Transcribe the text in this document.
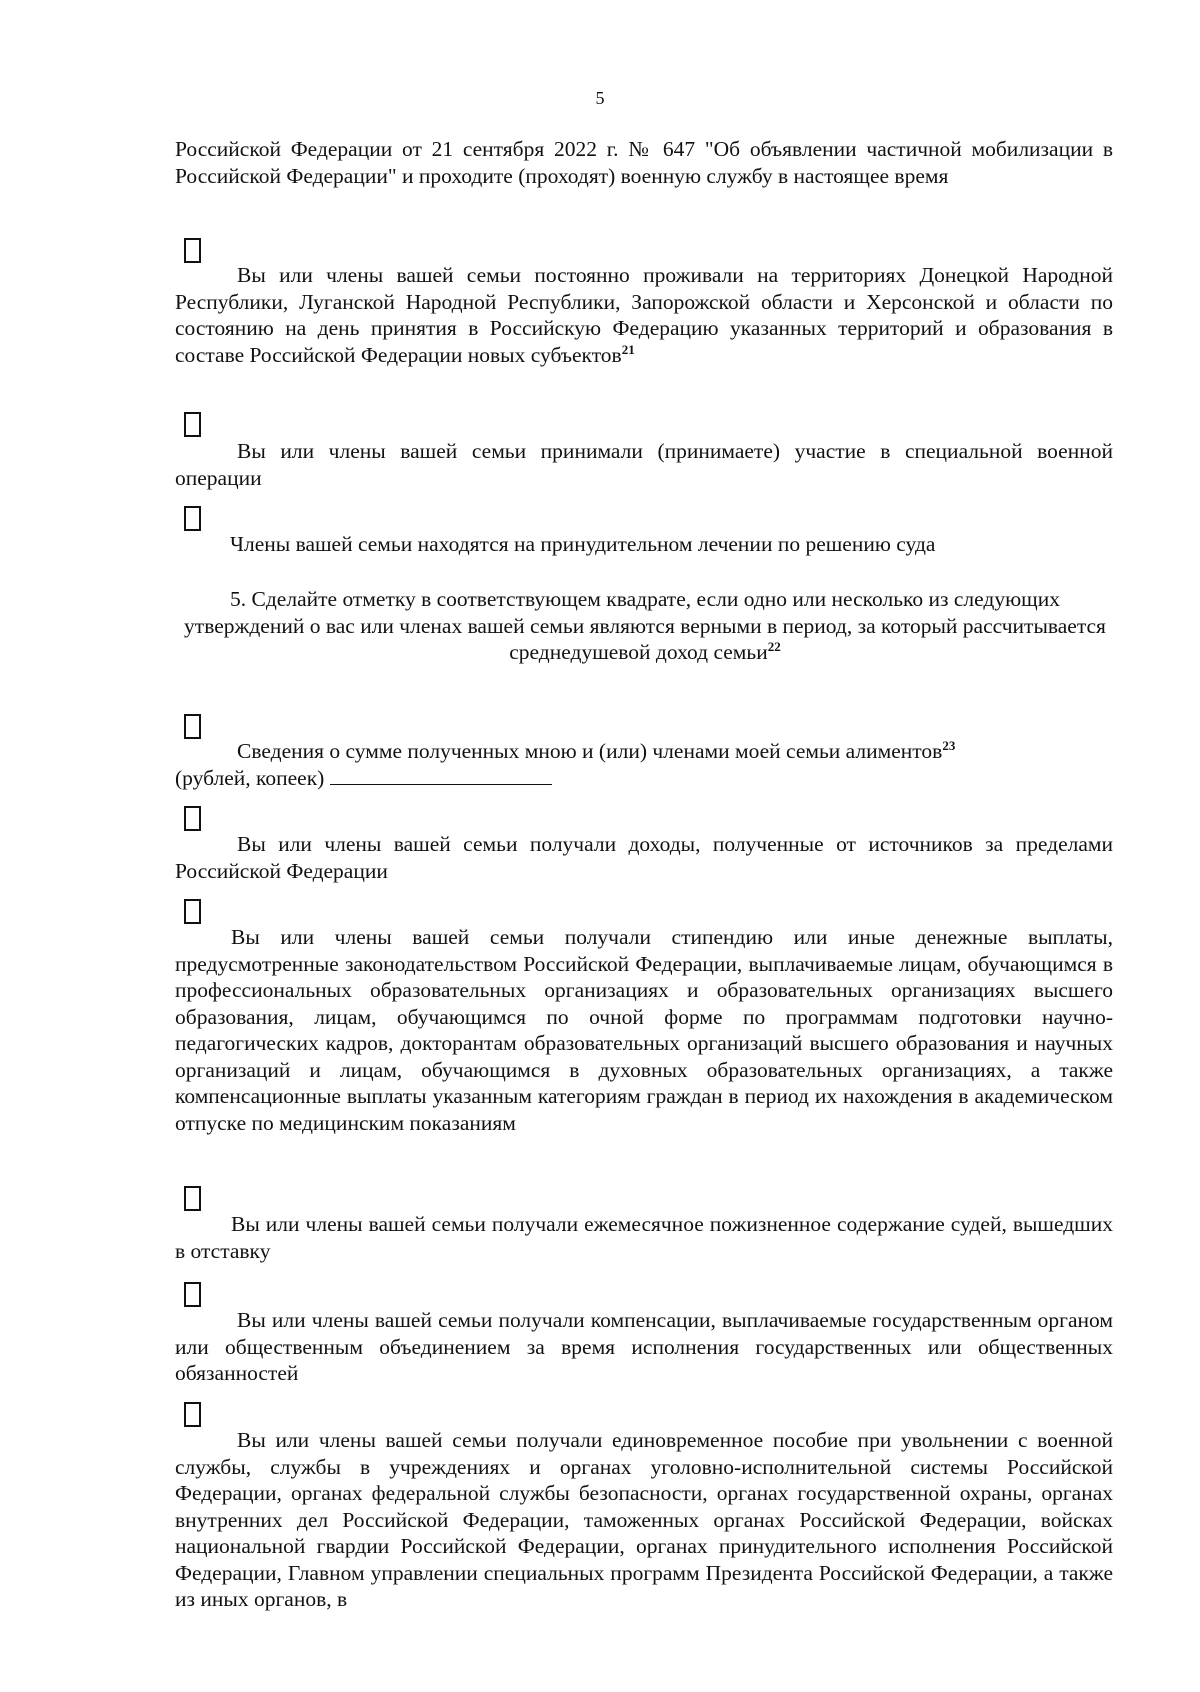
5
Российской Федерации от 21 сентября 2022 г. № 647 "Об объявлении частичной мобилизации в Российской Федерации" и проходите (проходят) военную службу в настоящее время
Вы или члены вашей семьи постоянно проживали на территориях Донецкой Народной Республики, Луганской Народной Республики, Запорожской области и Херсонской и области по состоянию на день принятия в Российскую Федерацию указанных территорий и образования в составе Российской Федерации новых субъектов$^{21}$
Вы или члены вашей семьи принимали (принимаете) участие в специальной военной операции
Члены вашей семьи находятся на принудительном лечении по решению суда
5. Сделайте отметку в соответствующем квадрате, если одно или несколько из следующих утверждений о вас или членах вашей семьи являются верными в период, за который рассчитывается среднедушевой доход семьи$^{22}$
Сведения о сумме полученных мною и (или) членами моей семьи алиментов$^{23}$
(рублей, копеек)
Вы или члены вашей семьи получали доходы, полученные от источников за пределами Российской Федерации
Вы или члены вашей семьи получали стипендию или иные денежные выплаты, предусмотренные законодательством Российской Федерации, выплачиваемые лицам, обучающимся в профессиональных образовательных организациях и образовательных организациях высшего образования, лицам, обучающимся по очной форме по программам подготовки научно-педагогических кадров, докторантам образовательных организаций высшего образования и научных организаций и лицам, обучающимся в духовных образовательных организациях, а также компенсационные выплаты указанным категориям граждан в период их нахождения в академическом отпуске по медицинским показаниям
Вы или члены вашей семьи получали ежемесячное пожизненное содержание судей, вышедших в отставку
Вы или члены вашей семьи получали компенсации, выплачиваемые государственным органом или общественным объединением за время исполнения государственных или общественных обязанностей
Вы или члены вашей семьи получали единовременное пособие при увольнении с военной службы, службы в учреждениях и органах уголовно-исполнительной системы Российской Федерации, органах федеральной службы безопасности, органах государственной охраны, органах внутренних дел Российской Федерации, таможенных органах Российской Федерации, войсках национальной гвардии Российской Федерации, органах принудительного исполнения Российской Федерации, Главном управлении специальных программ Президента Российской Федерации, а также из иных органов, в
